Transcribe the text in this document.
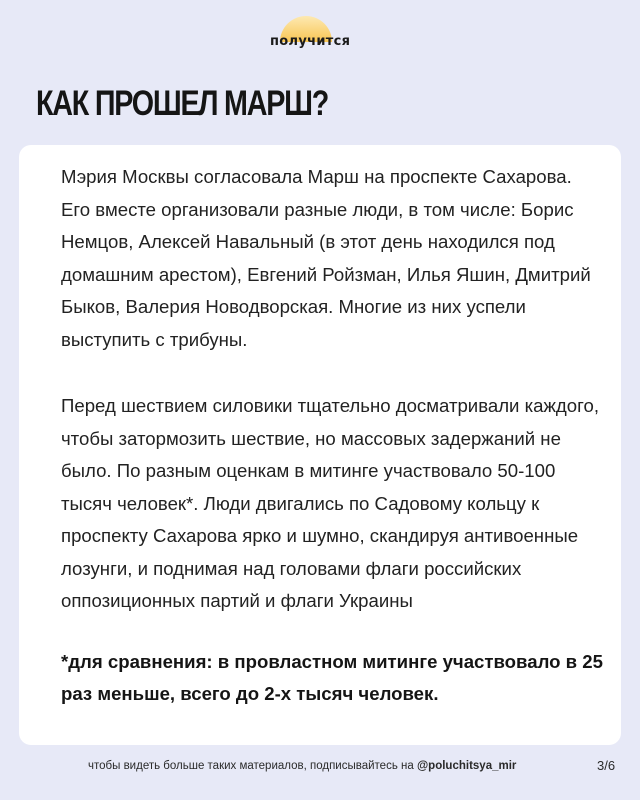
получится
КАК ПРОШЕЛ МАРШ?

Мэрия Москвы согласовала Марш на проспекте Сахарова. Его вместе организовали разные люди, в том числе: Борис Немцов, Алексей Навальный (в этот день находился под домашним арестом), Евгений Ройзман, Илья Яшин, Дмитрий Быков, Валерия Новодворская. Многие из них успели выступить с трибуны.

Перед шествием силовики тщательно досматривали каждого, чтобы затормозить шествие, но массовых задержаний не было. По разным оценкам в митинге участвовало 50-100 тысяч человек*. Люди двигались по Садовому кольцу к проспекту Сахарова ярко и шумно, скандируя антивоенные лозунги, и поднимая над головами флаги российских оппозиционных партий и флаги Украины

*для сравнения: в провластном митинге участвовало в 25 раз меньше, всего до 2-х тысяч человек.

чтобы видеть больше таких материалов, подписывайтесь на @poluchitsya_mir	3/6
